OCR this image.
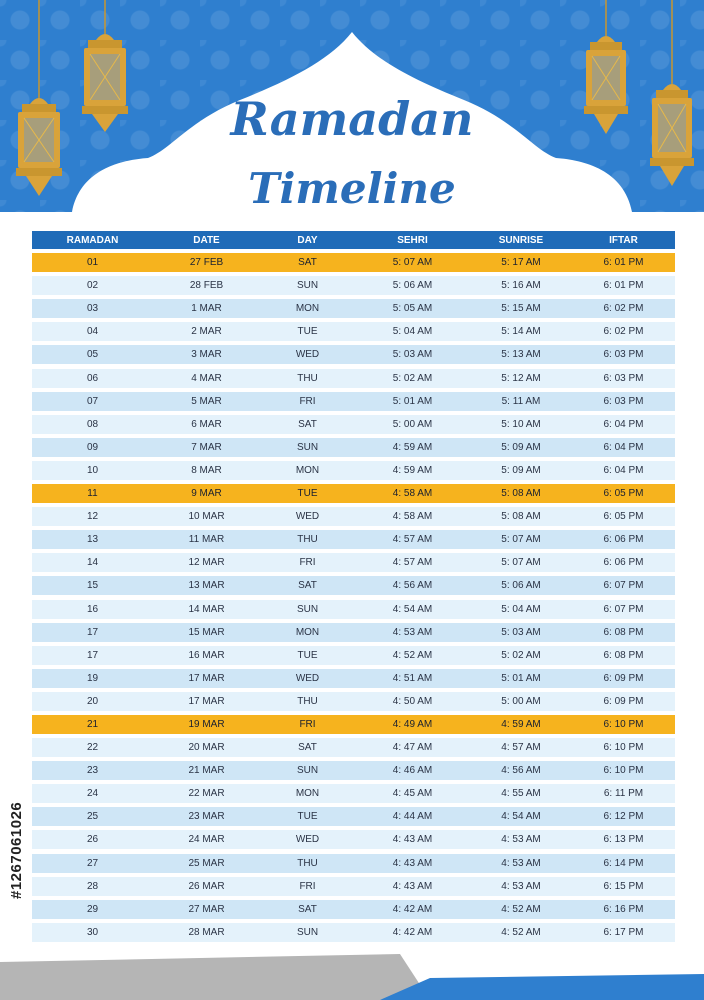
Ramadan
Timeline
RAMADAN	DATE	DAY	SEHRI	SUNRISE	IFTAR
01	27 FEB	SAT	5: 07 AM	5: 17 AM	6: 01 PM
02	28 FEB	SUN	5: 06 AM	5: 16 AM	6: 01 PM
03	1 MAR	MON	5: 05 AM	5: 15 AM	6: 02 PM
04	2 MAR	TUE	5: 04 AM	5: 14 AM	6: 02 PM
05	3 MAR	WED	5: 03 AM	5: 13 AM	6: 03 PM
06	4 MAR	THU	5: 02 AM	5: 12 AM	6: 03 PM
07	5 MAR	FRI	5: 01 AM	5: 11 AM	6: 03 PM
08	6 MAR	SAT	5: 00 AM	5: 10 AM	6: 04 PM
09	7 MAR	SUN	4: 59 AM	5: 09 AM	6: 04 PM
10	8 MAR	MON	4: 59 AM	5: 09 AM	6: 04 PM
11	9 MAR	TUE	4: 58 AM	5: 08 AM	6: 05 PM
12	10 MAR	WED	4: 58 AM	5: 08 AM	6: 05 PM
13	11 MAR	THU	4: 57 AM	5: 07 AM	6: 06 PM
14	12 MAR	FRI	4: 57 AM	5: 07 AM	6: 06 PM
15	13 MAR	SAT	4: 56 AM	5: 06 AM	6: 07 PM
16	14 MAR	SUN	4: 54 AM	5: 04 AM	6: 07 PM
17	15 MAR	MON	4: 53 AM	5: 03 AM	6: 08 PM
17	16 MAR	TUE	4: 52 AM	5: 02 AM	6: 08 PM
19	17 MAR	WED	4: 51 AM	5: 01 AM	6: 09 PM
20	17 MAR	THU	4: 50 AM	5: 00 AM	6: 09 PM
21	19 MAR	FRI	4: 49 AM	4: 59 AM	6: 10 PM
22	20 MAR	SAT	4: 47 AM	4: 57 AM	6: 10 PM
23	21 MAR	SUN	4: 46 AM	4: 56 AM	6: 10 PM
24	22 MAR	MON	4: 45 AM	4: 55 AM	6: 11 PM
25	23 MAR	TUE	4: 44 AM	4: 54 AM	6: 12 PM
26	24 MAR	WED	4: 43 AM	4: 53 AM	6: 13 PM
27	25 MAR	THU	4: 43 AM	4: 53 AM	6: 14 PM
28	26 MAR	FRI	4: 43 AM	4: 53 AM	6: 15 PM
29	27 MAR	SAT	4: 42 AM	4: 52 AM	6: 16 PM
30	28 MAR	SUN	4: 42 AM	4: 52 AM	6: 17 PM
#1267061026
